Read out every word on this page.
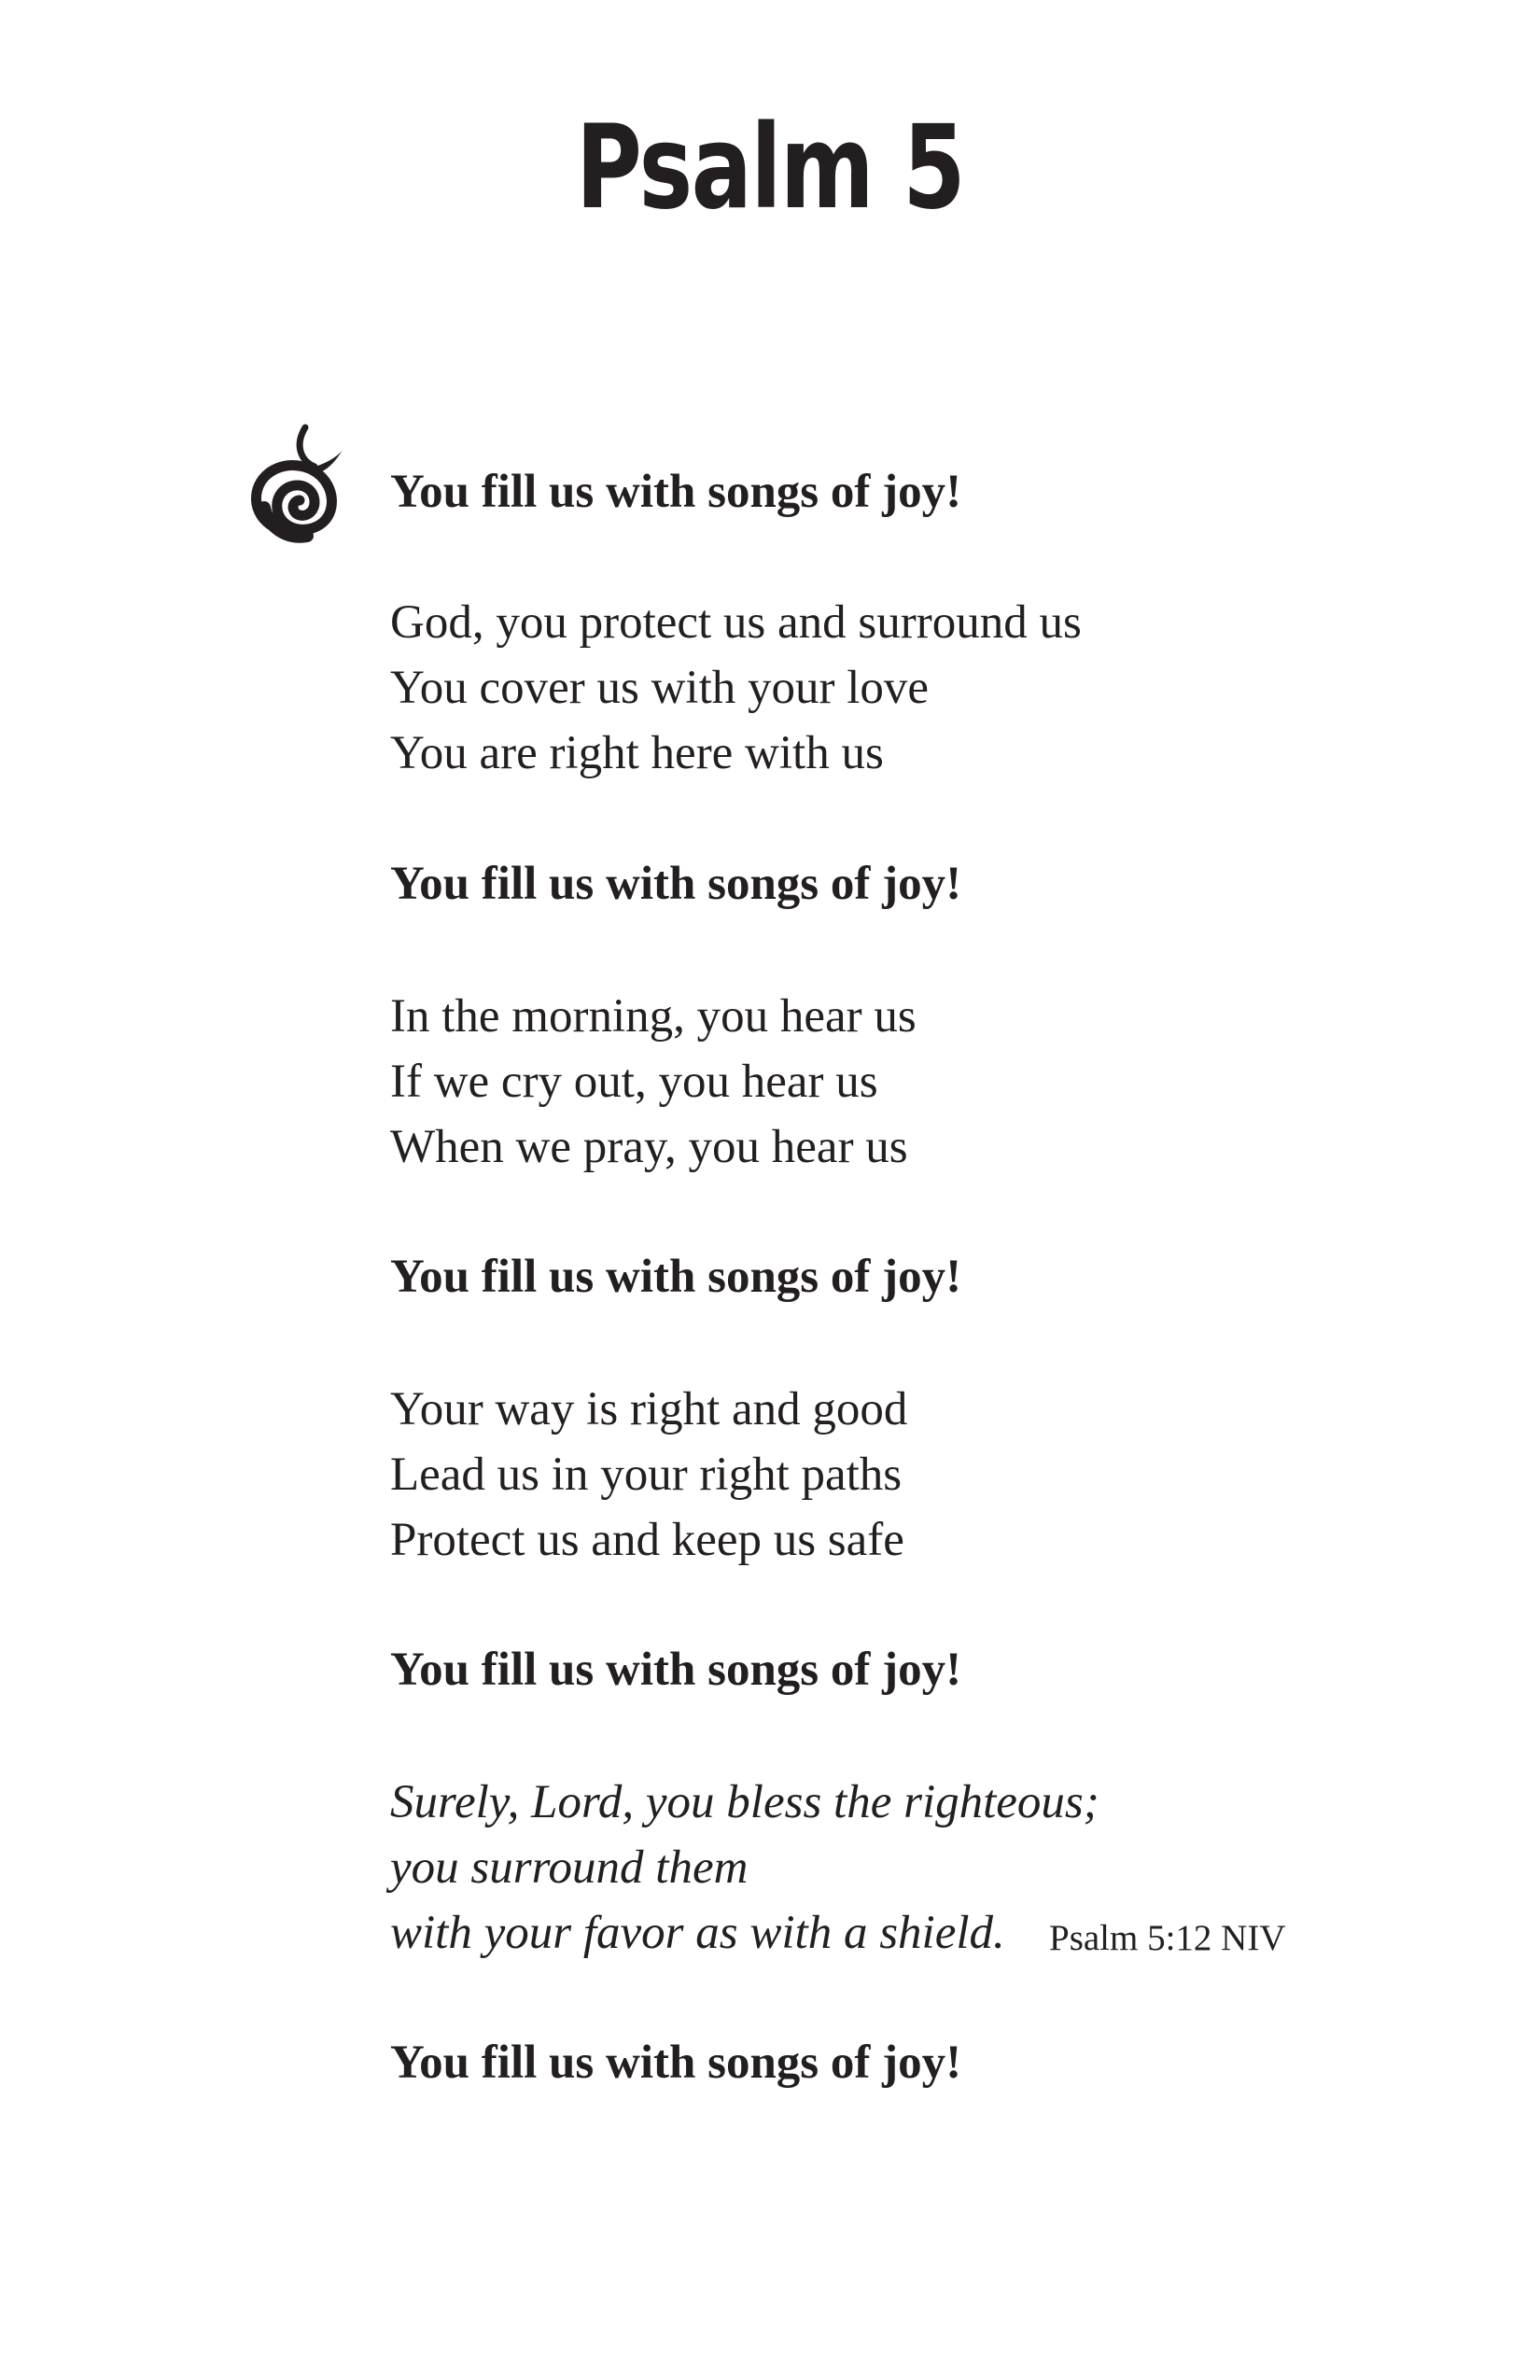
Psalm 5
You fill us with songs of joy!
God, you protect us and surround us
You cover us with your love
You are right here with us
You fill us with songs of joy!
In the morning, you hear us
If we cry out, you hear us
When we pray, you hear us
You fill us with songs of joy!
Your way is right and good
Lead us in your right paths
Protect us and keep us safe
You fill us with songs of joy!
Surely, Lord, you bless the righteous;
you surround them
with your favor as with a shield. Psalm 5:12 NIV
You fill us with songs of joy!
